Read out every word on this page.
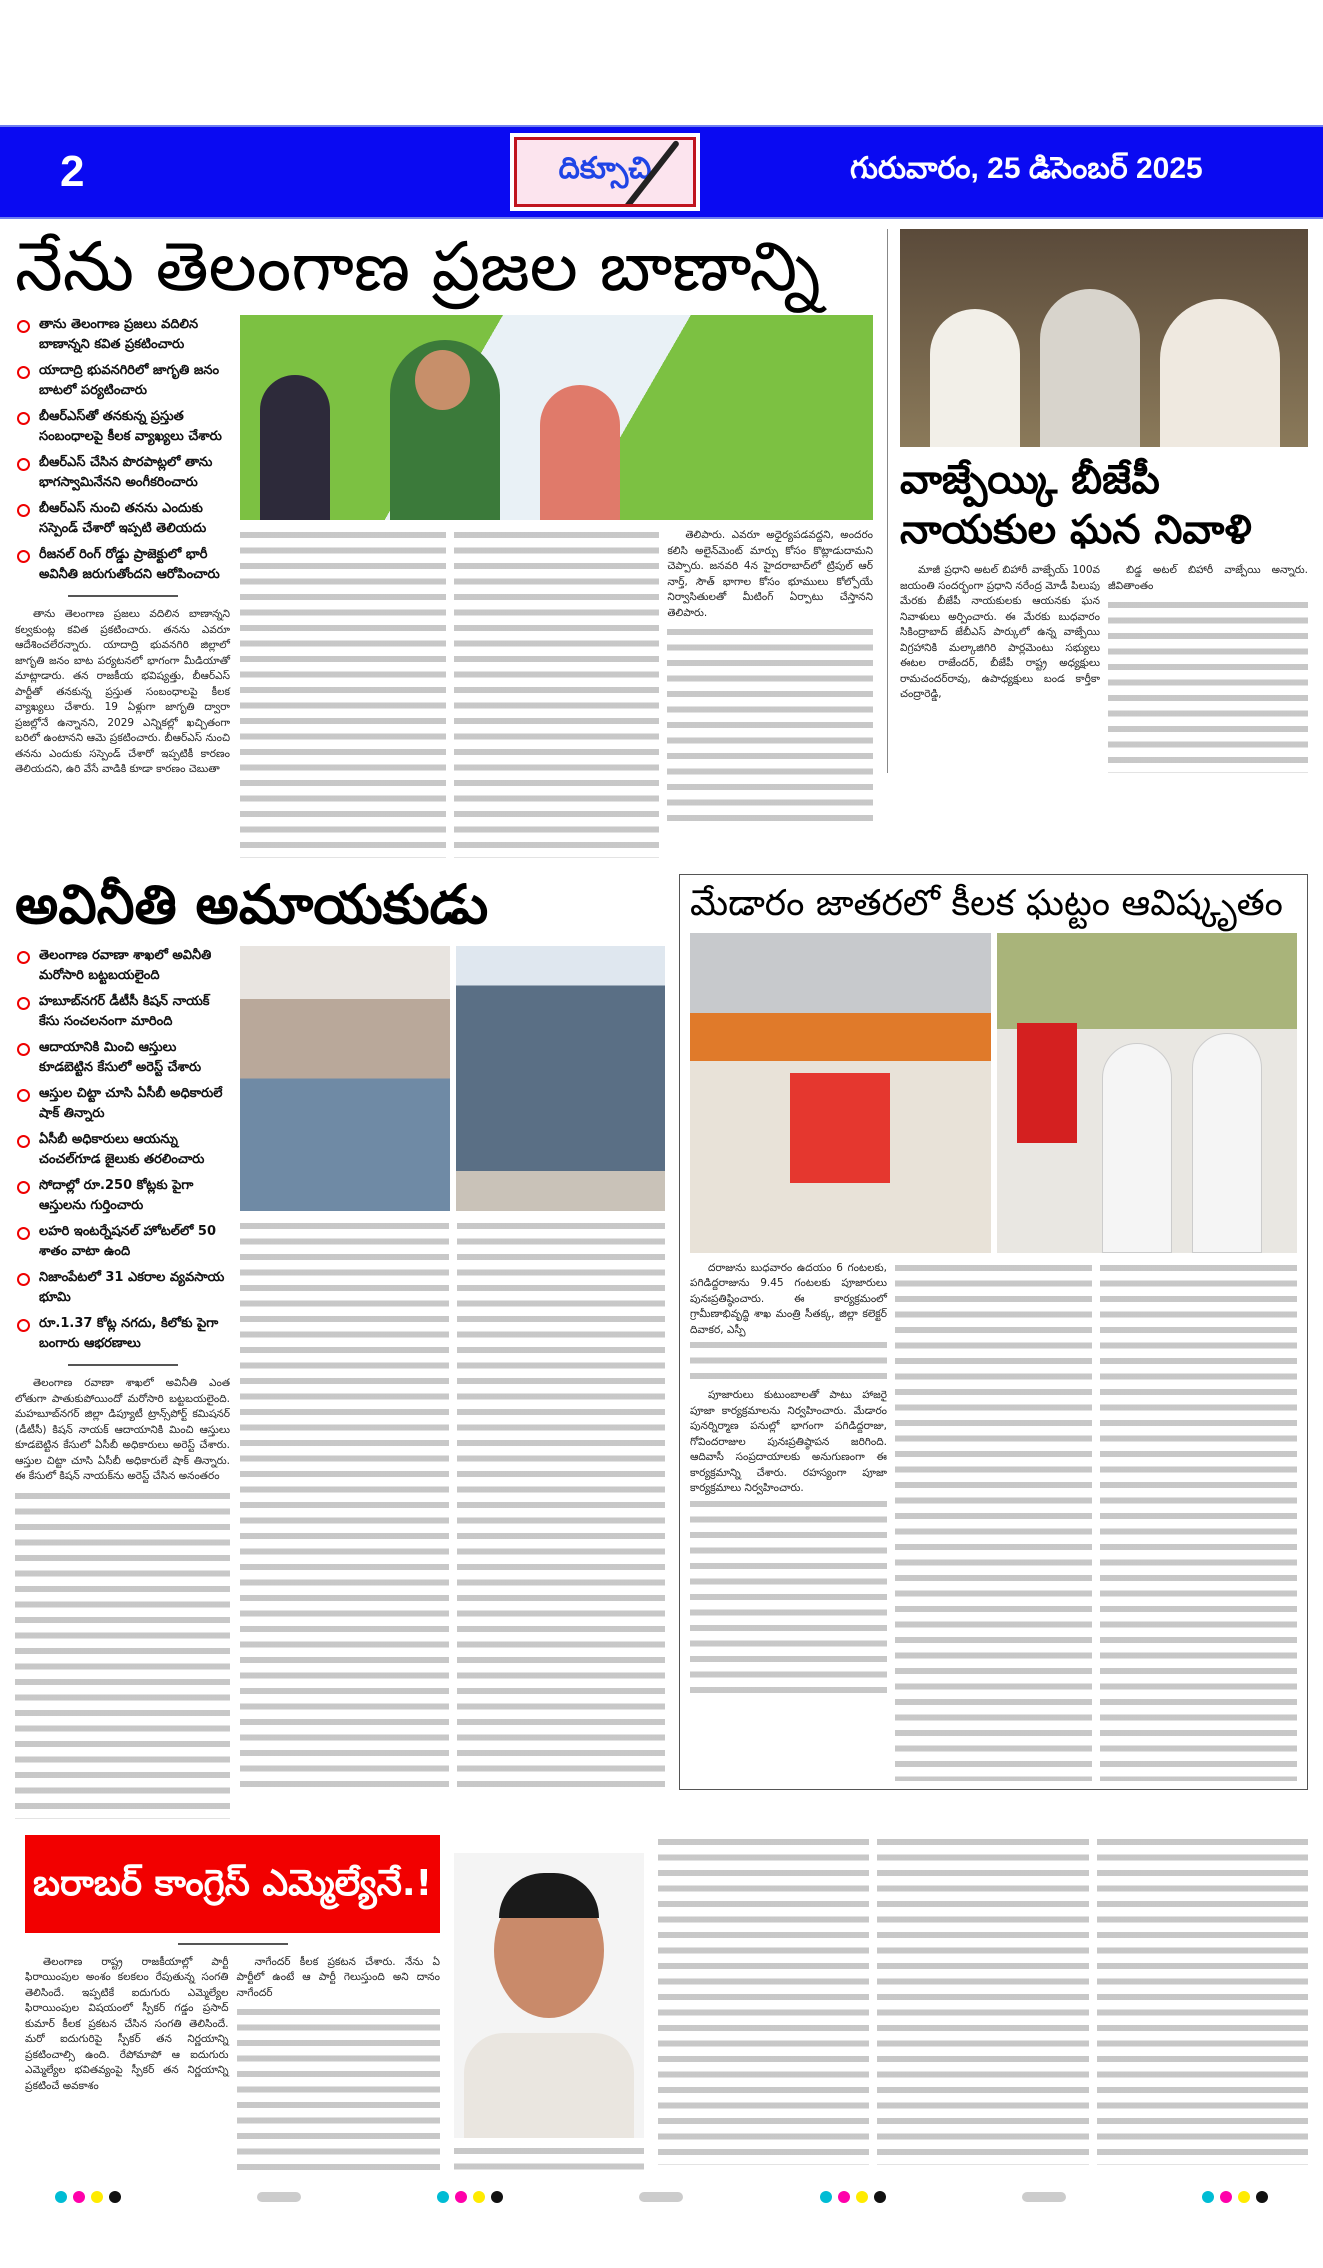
2	దిక్సూచి	గురువారం, 25 డిసెంబర్ 2025
నేను తెలంగాణ ప్రజల బాణాన్ని
తాను తెలంగాణ ప్రజలు వదిలిన బాణాన్నని కవిత ప్రకటించారు
యాదాద్రి భువనగిరిలో జాగృతి జనం బాటలో పర్యటించారు
బీఆర్ఎస్‌తో తనకున్న ప్రస్తుత సంబంధాలపై కీలక వ్యాఖ్యలు చేశారు
బీఆర్ఎస్ చేసిన పొరపాట్లలో తాను భాగస్వామినేనని అంగీకరించారు
బీఆర్ఎస్ నుంచి తనను ఎందుకు సస్పెండ్ చేశారో ఇప్పటి తెలియదు
రీజనల్ రింగ్ రోడ్డు ప్రాజెక్టులో భారీ అవినీతి జరుగుతోందని ఆరోపించారు

తాను తెలంగాణ ప్రజలు వదిలిన బాణాన్నని కల్వకుంట్ల కవిత ప్రకటించారు. తనను ఎవరూ ఆదేశించలేరన్నారు. యాదాద్రి భువనగిరి జిల్లాలో జాగృతి జనం బాట పర్యటనలో భాగంగా మీడియాతో మాట్లాడారు. తన రాజకీయ భవిష్యత్తు, బీఆర్ఎస్ పార్టీతో తనకున్న ప్రస్తుత సంబంధాలపై కీలక వ్యాఖ్యలు చేశారు. 19 ఏళ్లుగా జాగృతి ద్వారా ప్రజల్లోనే ఉన్నానని, 2029 ఎన్నికల్లో ఖచ్చితంగా బరిలో ఉంటానని ఆమె ప్రకటించారు. బీఆర్ఎస్ నుంచి తనను ఎందుకు సస్పెండ్ చేశారో ఇప్పటికీ కారణం తెలియదని, ఉరి వేసే వాడికి కూడా కారణం చెబుతా

తెలిపారు. ఎవరూ అధైర్యపడవద్దని, అందరం కలిసి అలైన్‌మెంట్ మార్పు కోసం కొట్లాడుదామని చెప్పారు. జనవరి 4న హైదరాబాద్‌లో ట్రిపుల్ ఆర్ నార్త్, సౌత్ భాగాల కోసం భూములు కోల్పోయే నిర్వాసితులతో మీటింగ్ ఏర్పాటు చేస్తానని తెలిపారు.

వాజ్పేయ్కి బీజేపీ
నాయకుల ఘన నివాళి

మాజీ ప్రధాని అటల్ బిహారీ వాజ్పేయ్ 100వ జయంతి సందర్భంగా ప్రధాని నరేంద్ర మోడీ పిలుపు మేరకు బీజేపీ నాయకులకు ఆయనకు ఘన నివాళులు అర్పించారు. ఈ మేరకు బుధవారం సికింద్రాబాద్ జేబీఎస్ పార్కులో ఉన్న వాజ్పేయి విగ్రహానికి మల్కాజిగిరి పార్లమెంటు సభ్యులు ఈటల రాజేందర్, బీజేపీ రాష్ట్ర అధ్యక్షులు రామచందర్‌రావు, ఉపాధ్యక్షులు బండ కార్తీకా చంద్రారెడ్డి,

బిడ్డ అటల్ బిహారీ వాజ్పేయి అన్నారు. జీవితాంతం

అవినీతి అమాయకుడు
తెలంగాణ రవాణా శాఖలో అవినీతి మరోసారి బట్టబయలైంది
హబూబ్‌నగర్ డీటీసీ కిషన్ నాయక్ కేసు సంచలనంగా మారింది
ఆదాయానికి మించి ఆస్తులు కూడబెట్టిన కేసులో అరెస్ట్ చేశారు
ఆస్తుల చిట్టా చూసి ఏసీబీ అధికారులే షాక్ తిన్నారు
ఏసీబీ అధికారులు ఆయన్ను చంచల్‌గూడ జైలుకు తరలించారు
సోదాల్లో రూ.250 కోట్లకు పైగా ఆస్తులను గుర్తించారు
లహరి ఇంటర్నేషనల్ హోటల్‌లో 50 శాతం వాటా ఉంది
నిజాంపేటలో 31 ఎకరాల వ్యవసాయ భూమి
రూ.1.37 కోట్ల నగదు, కిలోకు పైగా బంగారు ఆభరణాలు

తెలంగాణ రవాణా శాఖలో అవినీతి ఎంత లోతుగా పాతుకుపోయిందో మరోసారి బట్టబయలైంది. మహబూబ్‌నగర్ జిల్లా డిప్యూటీ ట్రాన్స్‌పోర్ట్ కమిషనర్ (డీటీసీ) కిషన్ నాయక్ ఆదాయానికి మించి ఆస్తులు కూడబెట్టిన కేసులో ఏసీబీ అధికారులు అరెస్ట్ చేశారు. ఆస్తుల చిట్టా చూసి ఏసీబీ అధికారులే షాక్ తిన్నారు. ఈ కేసులో కిషన్ నాయక్‌ను అరెస్ట్ చేసిన అనంతరం

మేడారం జాతరలో కీలక ఘట్టం ఆవిష్కృతం

దరాజును బుధవారం ఉదయం 6 గంటలకు, పగిడిద్దరాజును 9.45 గంటలకు పూజారులు పునఃప్రతిష్ఠించారు. ఈ కార్యక్రమంలో గ్రామీణాభివృద్ధి శాఖ మంత్రి సీతక్క, జిల్లా కలెక్టర్ దివాకర, ఎస్పీ

పూజారులు కుటుంబాలతో పాటు హాజరై పూజా కార్యక్రమాలను నిర్వహించారు. మేడారం పునర్నిర్మాణ పనుల్లో భాగంగా పగిడిద్దరాజు, గోవిందరాజుల పునఃప్రతిష్ఠాపన జరిగింది. ఆదివాసీ సంప్రదాయాలకు అనుగుణంగా ఈ కార్యక్రమాన్ని చేశారు. రహస్యంగా పూజా కార్యక్రమాలు నిర్వహించారు.

బరాబర్ కాంగ్రెస్ ఎమ్మెల్యేనే.!

తెలంగాణ రాష్ట్ర రాజకీయాల్లో పార్టీ ఫిరాయింపుల అంశం కలకలం రేపుతున్న సంగతి తెలిసిందే. ఇప్పటికే ఐదుగురు ఎమ్మెల్యేల ఫిరాయింపుల విషయంలో స్పీకర్ గడ్డం ప్రసాద్ కుమార్ కీలక ప్రకటన చేసిన సంగతి తెలిసిందే. మరో ఐదుగురిపై స్పీకర్ తన నిర్ణయాన్ని ప్రకటించాల్సి ఉంది. రేపోమాపో ఆ ఐదుగురు ఎమ్మెల్యేల భవితవ్యంపై స్పీకర్ తన నిర్ణయాన్ని ప్రకటించే అవకాశం

నాగేందర్ కీలక ప్రకటన చేశారు. నేను ఏ పార్టీలో ఉంటే ఆ పార్టీ గెలుస్తుంది అని దానం నాగేందర్
